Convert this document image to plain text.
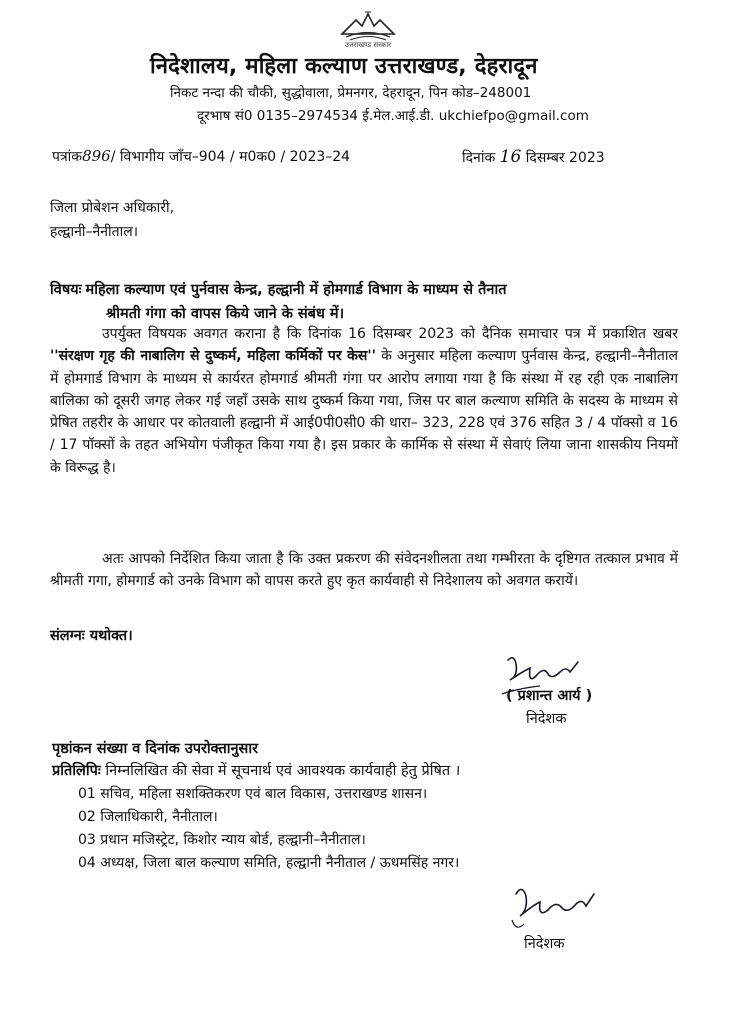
उत्तराखण्ड सरकार
निदेशालय, महिला कल्याण उत्तराखण्ड, देहरादून
निकट नन्दा की चौकी, सुद्धोवाला, प्रेमनगर, देहरादून, पिन कोड–248001
दूरभाष सं0 0135–2974534 ई.मेल.आई.डी. ukchiefpo@gmail.com
पत्रांक896/ विभागीय जाँच–904 / म0क0 / 2023–24	दिनांक 16 दिसम्बर 2023
जिला प्रोबेशन अधिकारी,
हल्द्वानी–नैनीताल।
विषयः महिला कल्याण एवं पुर्नवास केन्द्र, हल्द्वानी में होमगार्ड विभाग के माध्यम से तैनात
श्रीमती गंगा को वापस किये जाने के संबंध में।
उपर्युक्त विषयक अवगत कराना है कि दिनांक 16 दिसम्बर 2023 को दैनिक समाचार पत्र में प्रकाशित खबर ''संरक्षण गृह की नाबालिग से दुष्कर्म, महिला कर्मिकों पर केस'' के अनुसार महिला कल्याण पुर्नवास केन्द्र, हल्द्वानी–नैनीताल में होमगार्ड विभाग के माध्यम से कार्यरत होमगार्ड श्रीमती गंगा पर आरोप लगाया गया है कि संस्था में रह रही एक नाबालिग बालिका को दूसरी जगह लेकर गई जहाँ उसके साथ दुष्कर्म किया गया, जिस पर बाल कल्याण समिति के सदस्य के माध्यम से प्रेषित तहरीर के आधार पर कोतवाली हल्द्वानी में आई0पी0सी0 की धारा– 323, 228 एवं 376 सहित 3 / 4 पॉक्सो व 16 / 17 पॉक्सों के तहत अभियोग पंजीकृत किया गया है। इस प्रकार के कार्मिक से संस्था में सेवाएं लिया जाना शासकीय नियमों के विरूद्ध है।
अतः आपको निर्देशित किया जाता है कि उक्त प्रकरण की संवेदनशीलता तथा गम्भीरता के दृष्टिगत तत्काल प्रभाव में श्रीमती गगा, होमगार्ड को उनके विभाग को वापस करते हुए कृत कार्यवाही से निदेशालय को अवगत करायें।
संलग्नः यथोक्त।
( प्रशान्त आर्य )
निदेशक
पृष्ठांकन संख्या व दिनांक उपरोक्तानुसार
प्रतिलिपिः निम्नलिखित की सेवा में सूचनार्थ एवं आवश्यक कार्यवाही हेतु प्रेषित ।
01 सचिव, महिला सशक्तिकरण एवं बाल विकास, उत्तराखण्ड शासन।
02 जिलाधिकारी, नैनीताल।
03 प्रधान मजिस्ट्रेट, किशोर न्याय बोर्ड, हल्द्वानी–नैनीताल।
04 अध्यक्ष, जिला बाल कल्याण समिति, हल्द्वानी नैनीताल / ऊधमसिंह नगर।
निदेशक
